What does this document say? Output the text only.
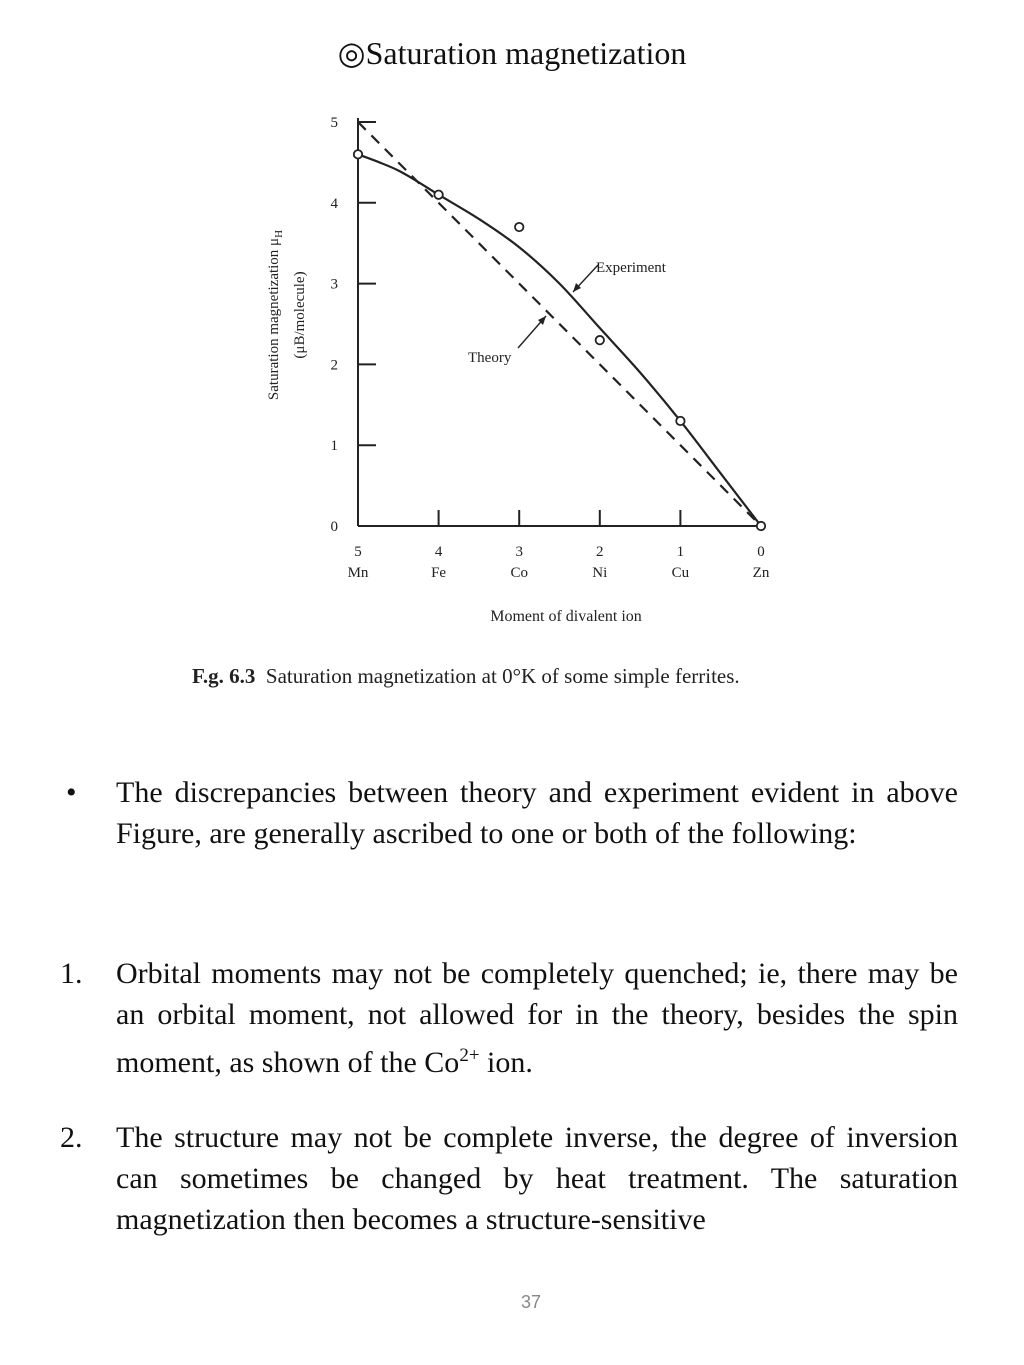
◎Saturation magnetization
0
1
2
3
4
5
5
Mn
4
Fe
3
Co
2
Ni
1
Cu
0
Zn
Experiment
Theory
Moment of divalent ion
Saturation magnetization $\mu_H$
(μB/molecule)
F.g. 6.3 Saturation magnetization at 0°K of some simple ferrites.
• The discrepancies between theory and experiment evident in above Figure, are generally ascribed to one or both of the following:
1. Orbital moments may not be completely quenched; ie, there may be an orbital moment, not allowed for in the theory, besides the spin moment, as shown of the $Co^{2+}$ ion.
2. The structure may not be complete inverse, the degree of inversion can sometimes be changed by heat treatment. The saturation magnetization then becomes a structure-sensitive
37
